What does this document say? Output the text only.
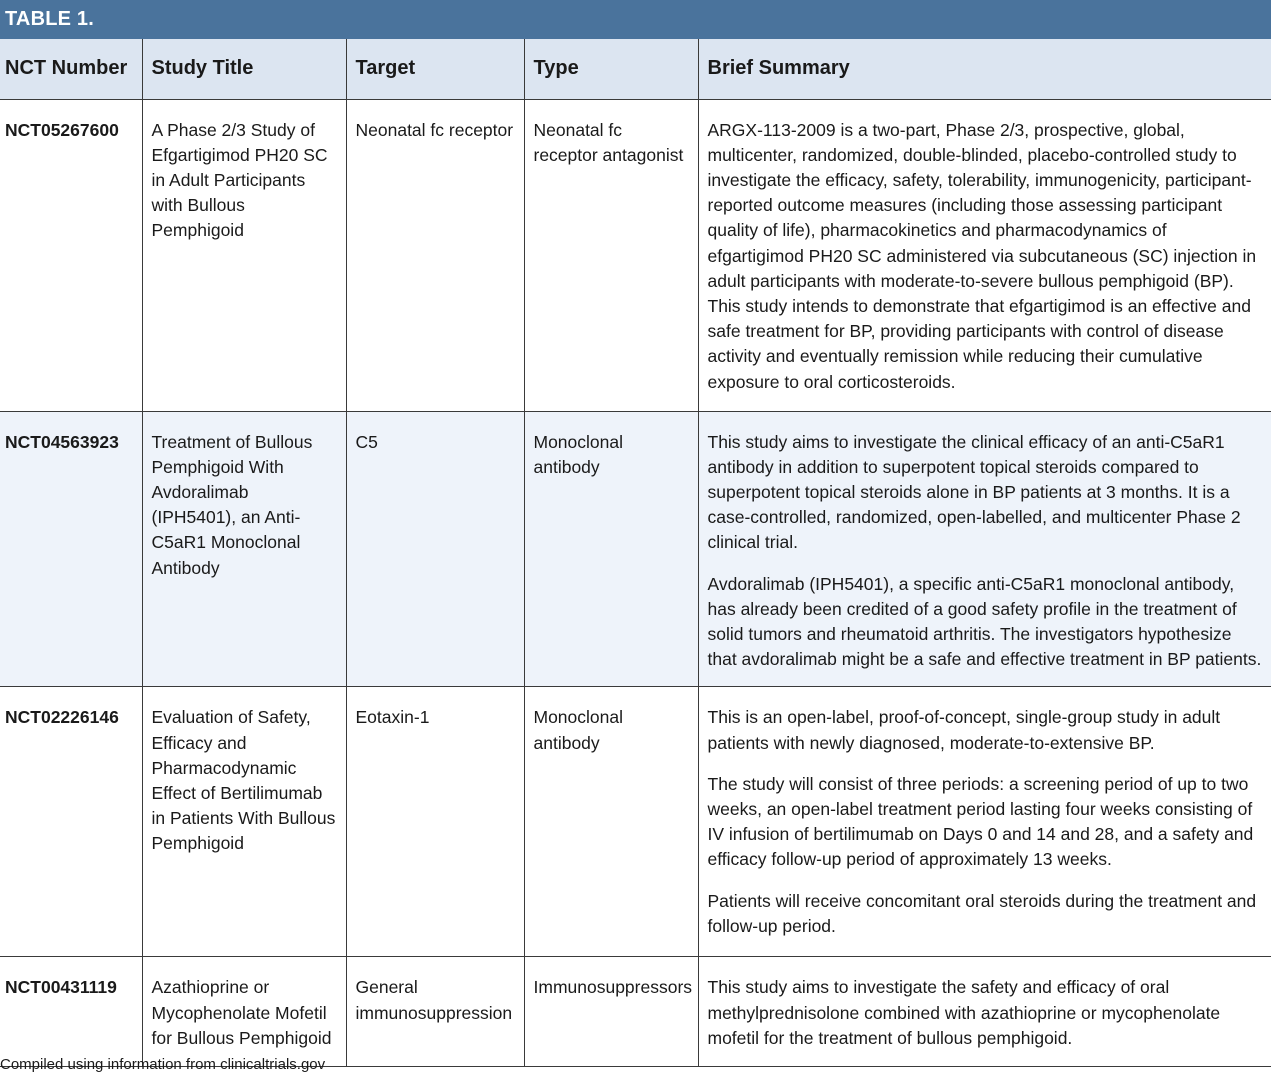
TABLE 1.
NCT Number	Study Title	Target	Type	Brief Summary
NCT05267600	A Phase 2/3 Study of Efgartigimod PH20 SC in Adult Participants with Bullous Pemphigoid	Neonatal fc receptor	Neonatal fc receptor antagonist	ARGX-113-2009 is a two-part, Phase 2/3, prospective, global, multicenter, randomized, double-blinded, placebo-controlled study to investigate the efficacy, safety, tolerability, immunogenicity, participant-reported outcome measures (including those assessing participant quality of life), pharmacokinetics and pharmacodynamics of efgartigimod PH20 SC administered via subcutaneous (SC) injection in adult participants with moderate-to-severe bullous pemphigoid (BP). This study intends to demonstrate that efgartigimod is an effective and safe treatment for BP, providing participants with control of disease activity and eventually remission while reducing their cumulative exposure to oral corticosteroids.

NCT04563923	Treatment of Bullous Pemphigoid With Avdoralimab (IPH5401), an Anti-C5aR1 Monoclonal Antibody	C5	Monoclonal antibody	This study aims to investigate the clinical efficacy of an anti-C5aR1 antibody in addition to superpotent topical steroids compared to superpotent topical steroids alone in BP patients at 3 months. It is a case-controlled, randomized, open-labelled, and multicenter Phase 2 clinical trial.

Avdoralimab (IPH5401), a specific anti-C5aR1 monoclonal antibody, has already been credited of a good safety profile in the treatment of solid tumors and rheumatoid arthritis. The investigators hypothesize that avdoralimab might be a safe and effective treatment in BP patients.

NCT02226146	Evaluation of Safety, Efficacy and Pharmacodynamic Effect of Bertilimumab in Patients With Bullous Pemphigoid	Eotaxin-1	Monoclonal antibody	This is an open-label, proof-of-concept, single-group study in adult patients with newly diagnosed, moderate-to-extensive BP.

The study will consist of three periods: a screening period of up to two weeks, an open-label treatment period lasting four weeks consisting of IV infusion of bertilimumab on Days 0 and 14 and 28, and a safety and efficacy follow-up period of approximately 13 weeks.

Patients will receive concomitant oral steroids during the treatment and follow-up period.

NCT00431119	Azathioprine or Mycophenolate Mofetil for Bullous Pemphigoid	General immunosuppression	Immunosuppressors	This study aims to investigate the safety and efficacy of oral methylprednisolone combined with azathioprine or mycophenolate mofetil for the treatment of bullous pemphigoid.

Compiled using information from clinicaltrials.gov
